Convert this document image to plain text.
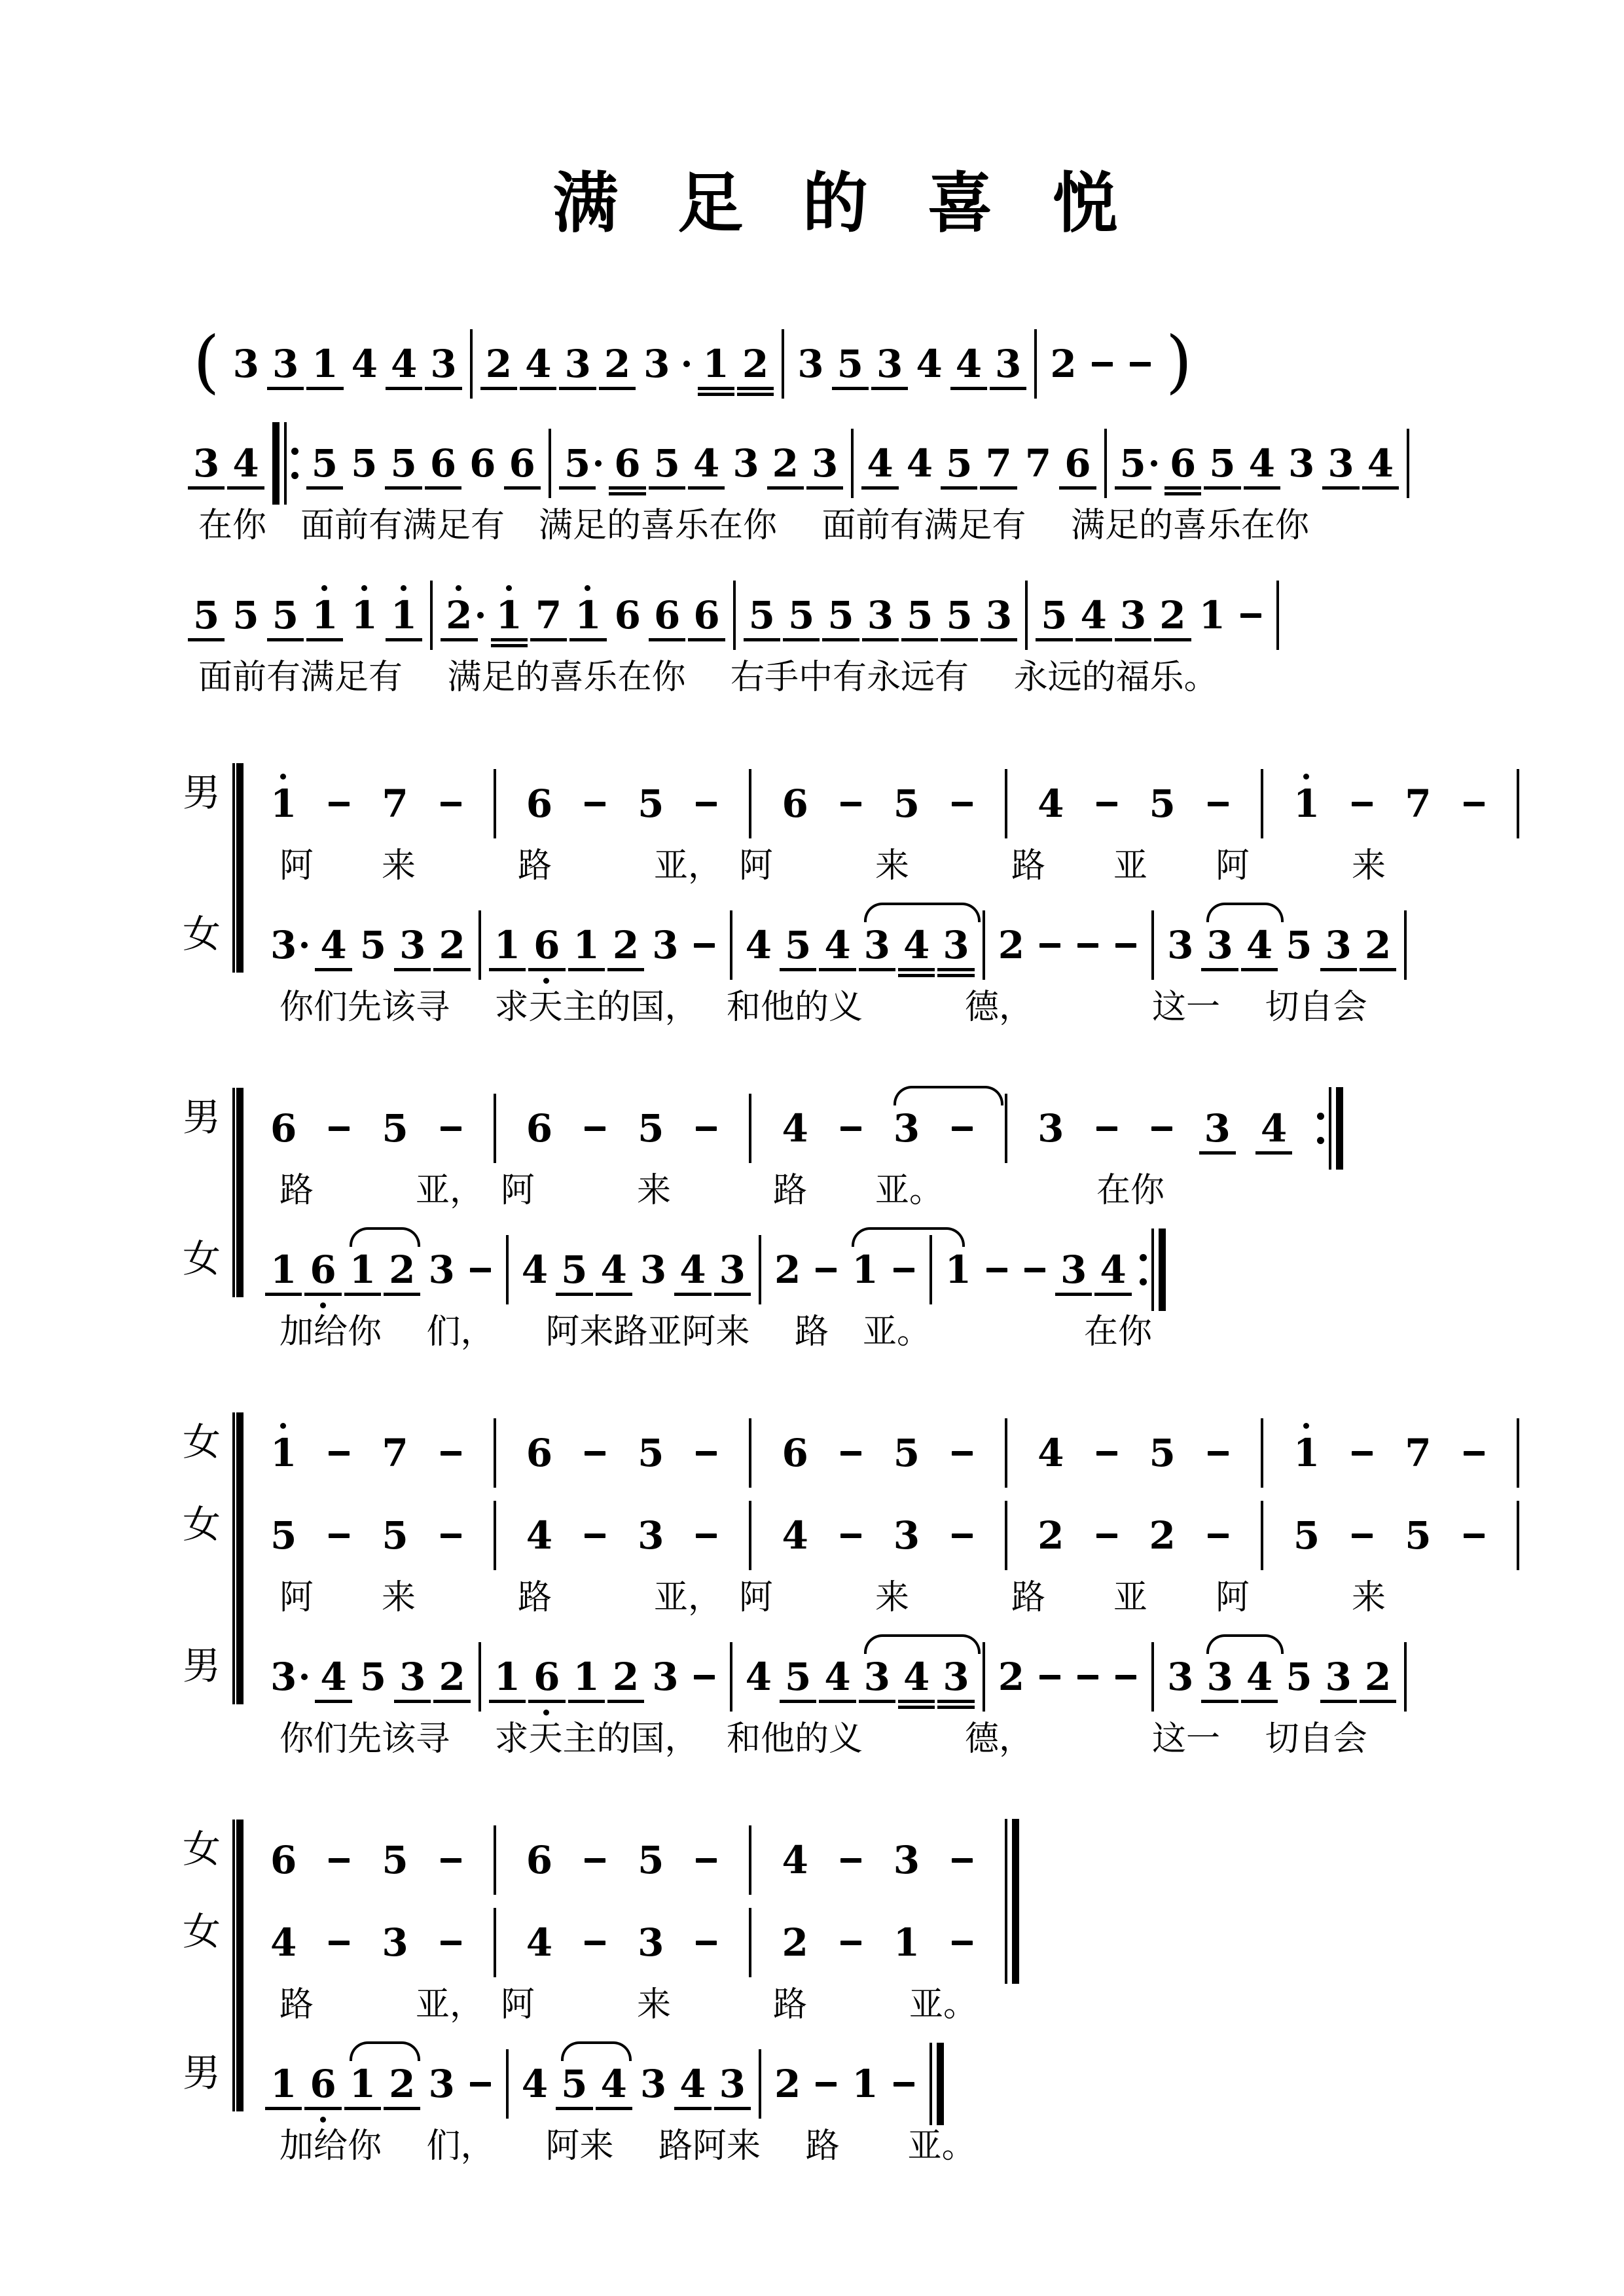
满 足 的 喜 悦
( 3 3 1 4 4 3 2 4 3 2 3 1 2 3 5 3 4 4 3 2 )
3 4 5 5 5 6 6 6 5 6 5 4 3 2 3 4 4 5 7 7 6 5 6 5 4 3 3 4
在你　面前有满足有　满足的喜乐在你　 面前有满足有　 满足的喜乐在你
5 5 5 1 1 1 2 1 7 1 6 6 6 5 5 5 3 5 5 3 5 4 3 2 1
面前有满足有　 满足的喜乐在你　 右手中有永远有　 永远的福乐。
男 1 7	6 5	6 5	4 5	1 7
阿　　来　　　路　　　亚，　阿　　　来　　　路　　亚　　阿　　　来
女 3 4 5 3 2 1 6 1 2 3 4 5 4 3 4 3 2	3 3 4 5 3 2
你们先该寻　 求天主的国，　 和他的义　　　德，　　　　这一　 切自会
男 6 5	6 5	4 3	3	3 4
路　　　亚，　阿　　　来　　　路　　亚。　　　　　在你
女 1 6 1 2 3 4 5 4 3 4 3 2 1 1 3 4
加给你　 们，　　阿来路亚阿来　 路　亚。　　　　　在你
女 1 7	6 5	6 5	4 5	1 7
女 5 5	4 3	4 3	2 2	5 5
阿　　来　　　路　　　亚，　阿　　　来　　　路　　亚　　阿　　　来
男 3 4 5 3 2 1 6 1 2 3 4 5 4 3 4 3 2	3 3 4 5 3 2
你们先该寻　 求天主的国，　 和他的义　　　德，　　　　这一　 切自会
女 6 5	6 5	4 3
女 4 3	4 3	2 1
路　　　亚，　阿　　　来　　　路　　　亚。
男 1 6 1 2 3 4 5 4 3 4 3 2 1
加给你　 们，　　阿来　 路阿来　 路　　亚。
